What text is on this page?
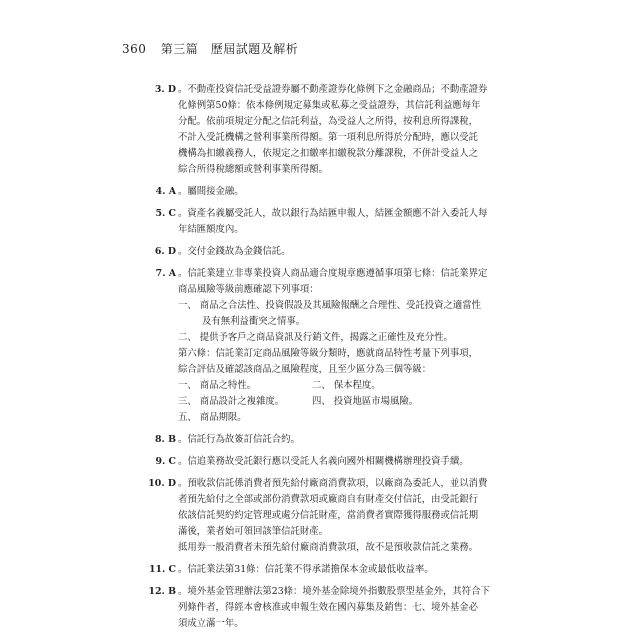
360 第三篇　歷屆試題及解析
3. D 。不動產投資信託受益證券屬不動產證券化條例下之金融商品；不動產證券
化條例第50條：依本條例規定募集或私募之受益證券，其信託利益應每年
分配。依前項規定分配之信託利益，為受益人之所得，按利息所得課稅，
不計入受託機構之營利事業所得額。第一項利息所得於分配時，應以受託
機構為扣繳義務人，依規定之扣繳率扣繳稅款分離課稅，不併計受益人之
綜合所得稅總額或營利事業所得額。
4. A 。屬間接金融。
5. C 。資產名義屬受託人，故以銀行為結匯申報人，結匯金額應不計入委託人每
年結匯額度內。
6. D 。交付金錢故為金錢信託。
7. A 。信託業建立非專業投資人商品適合度規章應遵循事項第七條：信託業界定
商品風險等級前應確認下列事項：
一、 商品之合法性、投資假設及其風險報酬之合理性、受託投資之適當性
及有無利益衝突之情事。
二、 提供予客戶之商品資訊及行銷文件，揭露之正確性及充分性。
第六條：信託業訂定商品風險等級分類時，應就商品特性考量下列事項，
綜合評估及確認該商品之風險程度，且至少區分為三個等級：
一、 商品之特性。	二、 保本程度。
三、 商品設計之複雜度。	四、 投資地區市場風險。
五、 商品期限。
8. B 。信託行為故簽訂信託合約。
9. C 。信追業務故受託銀行應以受託人名義向國外相關機構辦理投資手續。
10. D 。預收款信託係消費者預先給付廠商消費款項，以廠商為委託人，並以消費
者預先給付之全部或部份消費款項或廠商自有財產交付信託，由受託銀行
依該信託契約約定管理或處分信託財產，當消費者實際獲得服務或信託期
滿後，業者始可領回該筆信託財產。
抵用券一般消費者未預先給付廠商消費款項，故不是預收款信託之業務。
11. C 。信託業法第31條：信託業不得承諾擔保本金或最低收益率。
12. B 。境外基金管理辦法第23條：境外基金除境外指數股票型基金外，其符合下
列條件者，得經本會核准或申報生效在國內募集及銷售：七、境外基金必
須成立滿一年。
